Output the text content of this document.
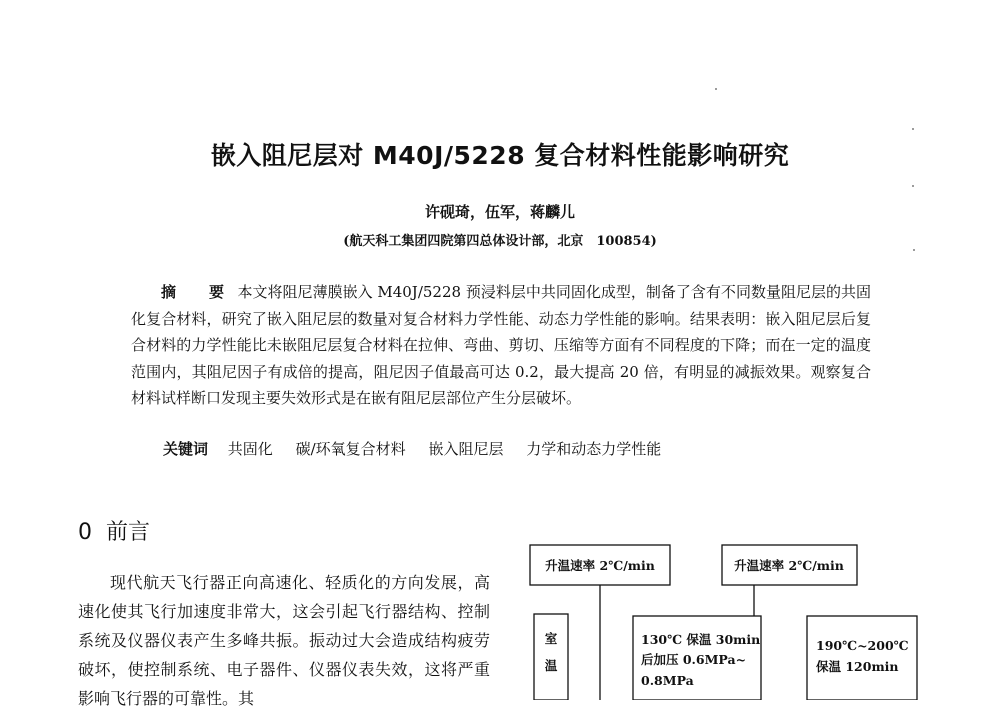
嵌入阻尼层对 M40J/5228 复合材料性能影响研究
许砚琦，伍军，蒋麟儿
(航天科工集团四院第四总体设计部，北京　100854)
摘　要 本文将阻尼薄膜嵌入 M40J/5228 预浸料层中共同固化成型，制备了含有不同数量阻尼层的共固化复合材料，研究了嵌入阻尼层的数量对复合材料力学性能、动态力学性能的影响。结果表明：嵌入阻尼层后复合材料的力学性能比未嵌阻尼层复合材料在拉伸、弯曲、剪切、压缩等方面有不同程度的下降；而在一定的温度范围内，其阻尼因子有成倍的提高，阻尼因子值最高可达 0.2，最大提高 20 倍，有明显的减振效果。观察复合材料试样断口发现主要失效形式是在嵌有阻尼层部位产生分层破坏。
关键词 共固化 碳/环氧复合材料 嵌入阻尼层 力学和动态力学性能
0 前言
现代航天飞行器正向高速化、轻质化的方向发展，高速化使其飞行加速度非常大，这会引起飞行器结构、控制系统及仪器仪表产生多峰共振。振动过大会造成结构疲劳破坏，使控制系统、电子器件、仪器仪表失效，这将严重影响飞行器的可靠性。其
升温速率 2℃/min	升温速率 2℃/min
室
温
130℃ 保温 30min
后加压 0.6MPa~
0.8MPa
190℃~200℃
保温 120min
